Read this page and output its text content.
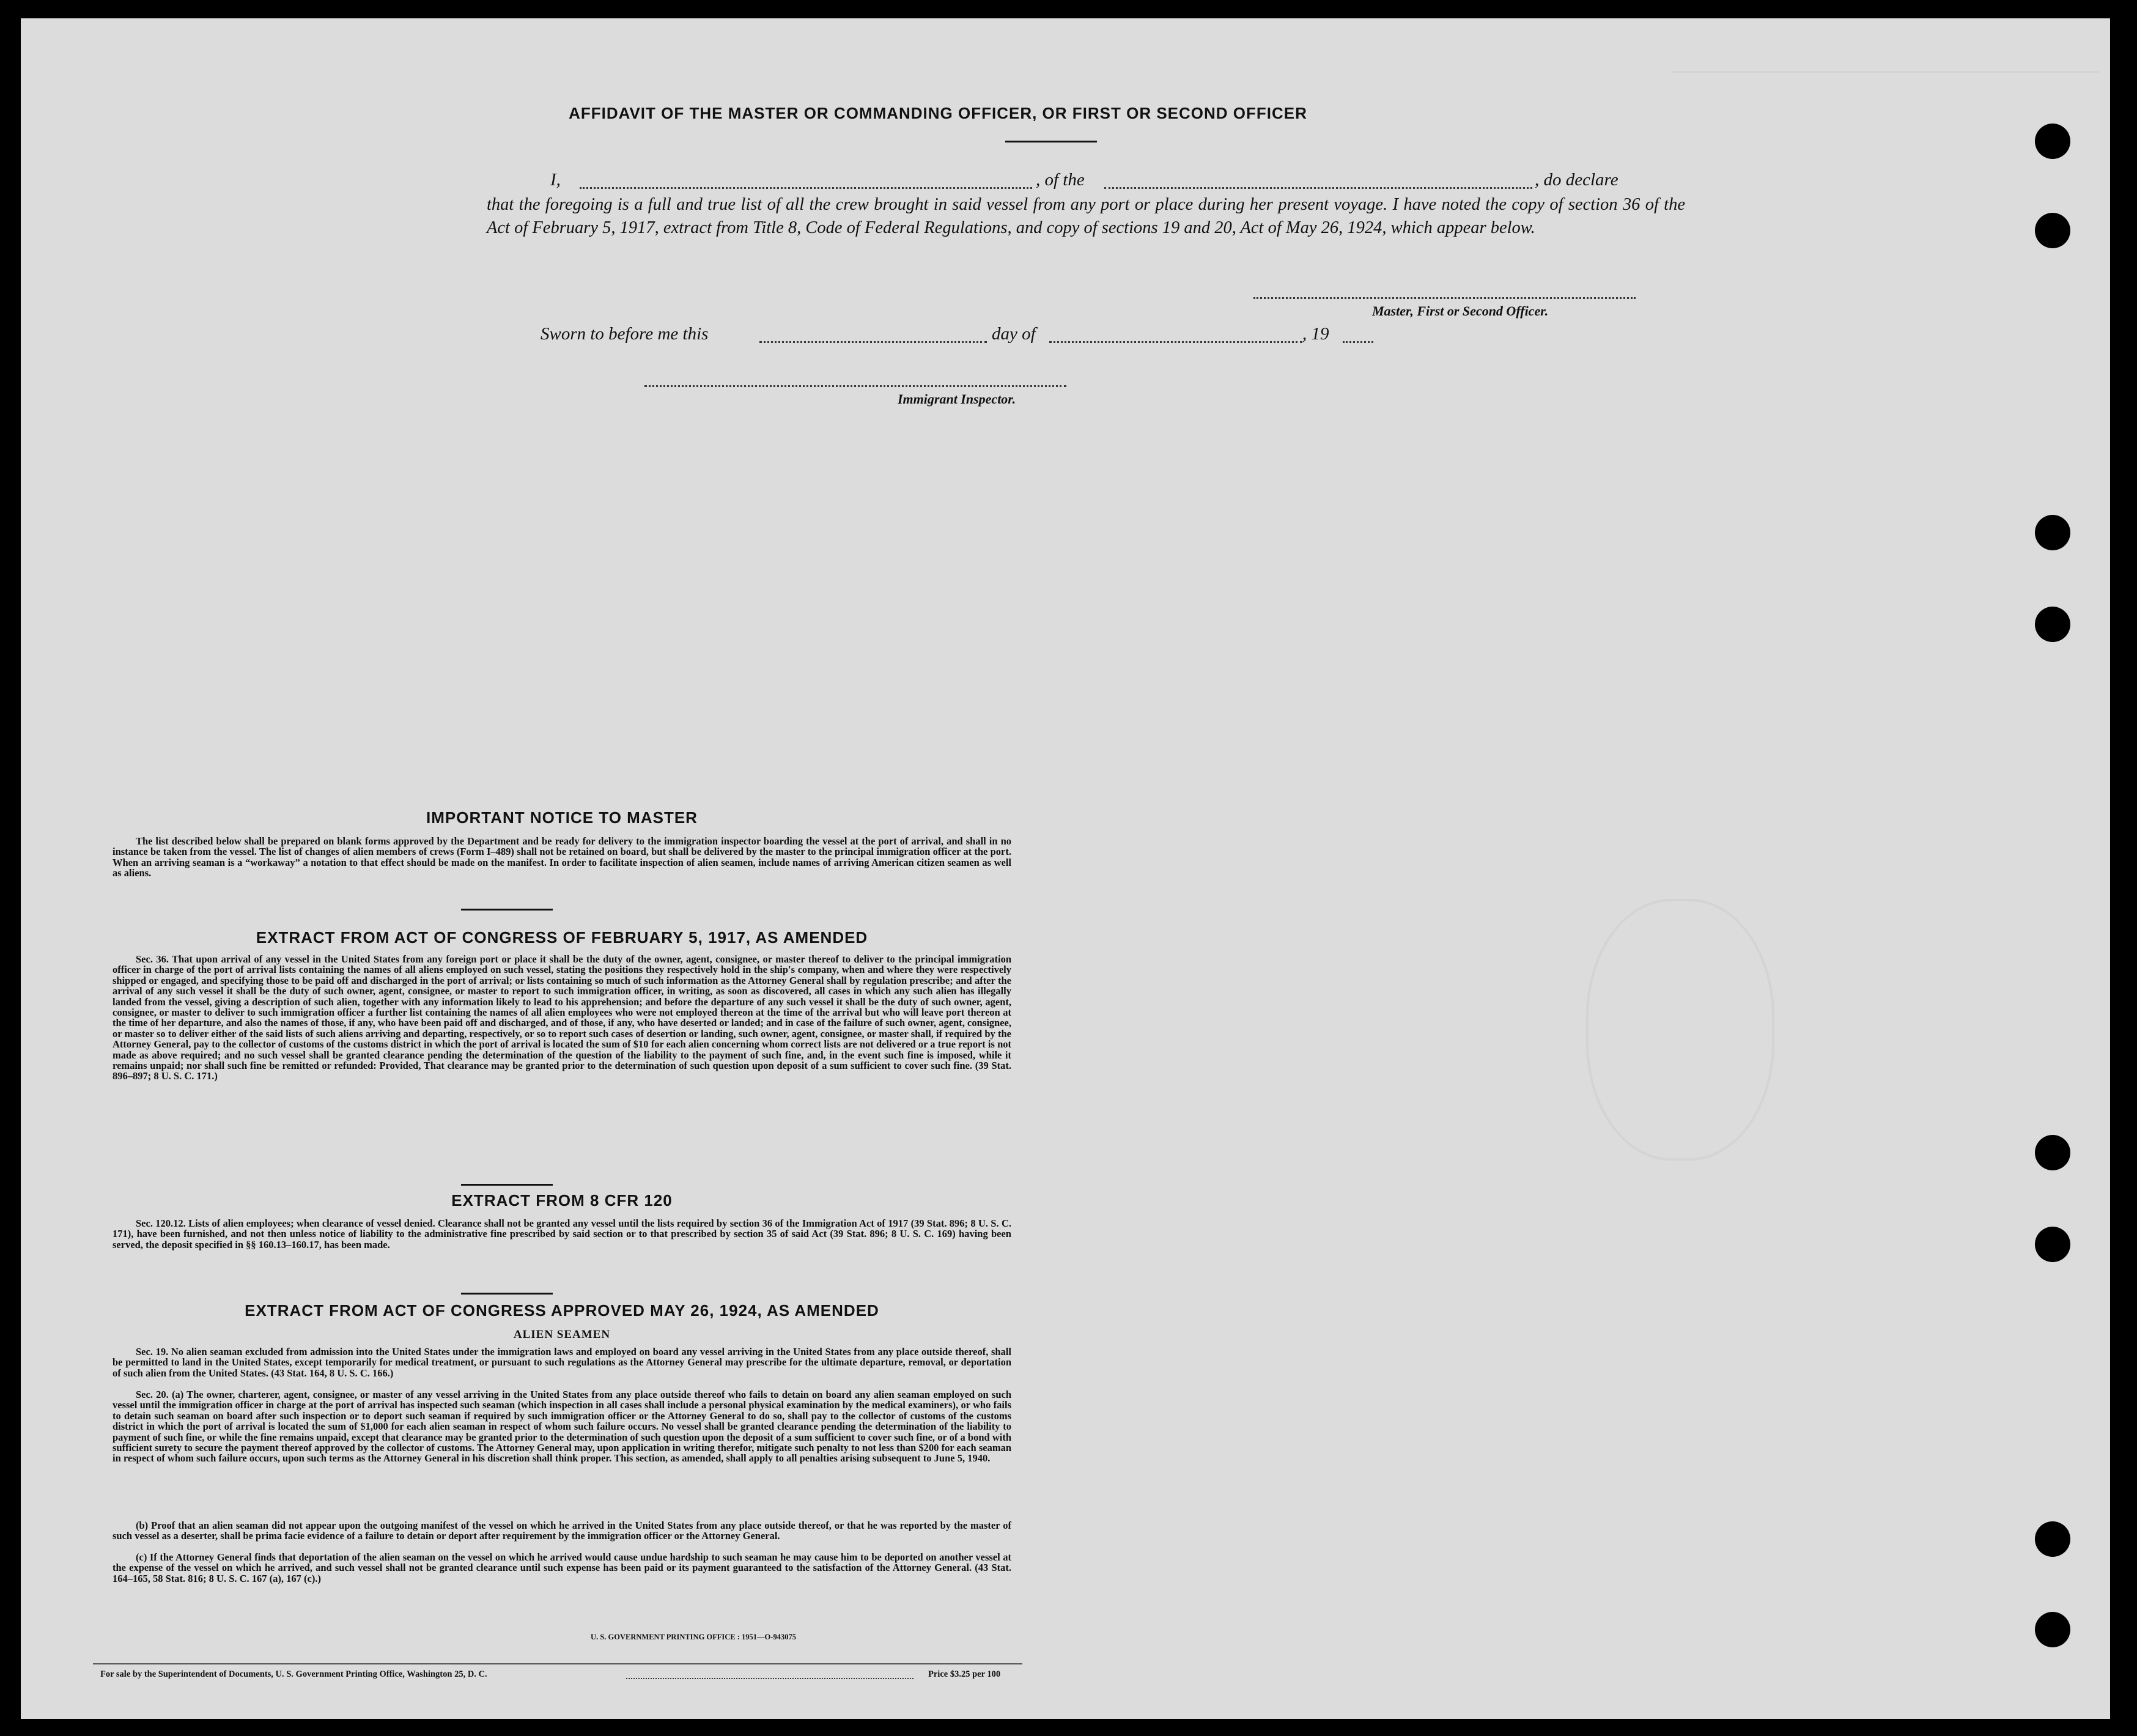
AFFIDAVIT OF THE MASTER OR COMMANDING OFFICER, OR FIRST OR SECOND OFFICER
I,	, of the	, do declare
that the foregoing is a full and true list of all the crew brought in said vessel from any port or place during her present voyage. I have noted the copy of section 36 of the Act of February 5, 1917, extract from Title 8, Code of Federal Regulations, and copy of sections 19 and 20, Act of May 26, 1924, which appear below.
Master, First or Second Officer.
Sworn to before me this	day of	, 19
Immigrant Inspector.
IMPORTANT NOTICE TO MASTER
The list described below shall be prepared on blank forms approved by the Department and be ready for delivery to the immigration inspector boarding the vessel at the port of arrival, and shall in no instance be taken from the vessel. The list of changes of alien members of crews (Form I–489) shall not be retained on board, but shall be delivered by the master to the principal immigration officer at the port. When an arriving seaman is a “workaway” a notation to that effect should be made on the manifest. In order to facilitate inspection of alien seamen, include names of arriving American citizen seamen as well as aliens.
EXTRACT FROM ACT OF CONGRESS OF FEBRUARY 5, 1917, AS AMENDED
Sec. 36. That upon arrival of any vessel in the United States from any foreign port or place it shall be the duty of the owner, agent, consignee, or master thereof to deliver to the principal immigration officer in charge of the port of arrival lists containing the names of all aliens employed on such vessel, stating the positions they respectively hold in the ship's company, when and where they were respectively shipped or engaged, and specifying those to be paid off and discharged in the port of arrival; or lists containing so much of such information as the Attorney General shall by regulation prescribe; and after the arrival of any such vessel it shall be the duty of such owner, agent, consignee, or master to report to such immigration officer, in writing, as soon as discovered, all cases in which any such alien has illegally landed from the vessel, giving a description of such alien, together with any information likely to lead to his apprehension; and before the departure of any such vessel it shall be the duty of such owner, agent, consignee, or master to deliver to such immigration officer a further list containing the names of all alien employees who were not employed thereon at the time of the arrival but who will leave port thereon at the time of her departure, and also the names of those, if any, who have been paid off and discharged, and of those, if any, who have deserted or landed; and in case of the failure of such owner, agent, consignee, or master so to deliver either of the said lists of such aliens arriving and departing, respectively, or so to report such cases of desertion or landing, such owner, agent, consignee, or master shall, if required by the Attorney General, pay to the collector of customs of the customs district in which the port of arrival is located the sum of $10 for each alien concerning whom correct lists are not delivered or a true report is not made as above required; and no such vessel shall be granted clearance pending the determination of the question of the liability to the payment of such fine, and, in the event such fine is imposed, while it remains unpaid; nor shall such fine be remitted or refunded: Provided, That clearance may be granted prior to the determination of such question upon deposit of a sum sufficient to cover such fine. (39 Stat. 896–897; 8 U. S. C. 171.)
EXTRACT FROM 8 CFR 120
Sec. 120.12. Lists of alien employees; when clearance of vessel denied. Clearance shall not be granted any vessel until the lists required by section 36 of the Immigration Act of 1917 (39 Stat. 896; 8 U. S. C. 171), have been furnished, and not then unless notice of liability to the administrative fine prescribed by said section or to that prescribed by section 35 of said Act (39 Stat. 896; 8 U. S. C. 169) having been served, the deposit specified in §§ 160.13–160.17, has been made.
EXTRACT FROM ACT OF CONGRESS APPROVED MAY 26, 1924, AS AMENDED
ALIEN SEAMEN
Sec. 19. No alien seaman excluded from admission into the United States under the immigration laws and employed on board any vessel arriving in the United States from any place outside thereof, shall be permitted to land in the United States, except temporarily for medical treatment, or pursuant to such regulations as the Attorney General may prescribe for the ultimate departure, removal, or deportation of such alien from the United States. (43 Stat. 164, 8 U. S. C. 166.)
Sec. 20. (a) The owner, charterer, agent, consignee, or master of any vessel arriving in the United States from any place outside thereof who fails to detain on board any alien seaman employed on such vessel until the immigration officer in charge at the port of arrival has inspected such seaman (which inspection in all cases shall include a personal physical examination by the medical examiners), or who fails to detain such seaman on board after such inspection or to deport such seaman if required by such immigration officer or the Attorney General to do so, shall pay to the collector of customs of the customs district in which the port of arrival is located the sum of $1,000 for each alien seaman in respect of whom such failure occurs. No vessel shall be granted clearance pending the determination of the liability to payment of such fine, or while the fine remains unpaid, except that clearance may be granted prior to the determination of such question upon the deposit of a sum sufficient to cover such fine, or of a bond with sufficient surety to secure the payment thereof approved by the collector of customs. The Attorney General may, upon application in writing therefor, mitigate such penalty to not less than $200 for each seaman in respect of whom such failure occurs, upon such terms as the Attorney General in his discretion shall think proper. This section, as amended, shall apply to all penalties arising subsequent to June 5, 1940.
(b) Proof that an alien seaman did not appear upon the outgoing manifest of the vessel on which he arrived in the United States from any place outside thereof, or that he was reported by the master of such vessel as a deserter, shall be prima facie evidence of a failure to detain or deport after requirement by the immigration officer or the Attorney General.
(c) If the Attorney General finds that deportation of the alien seaman on the vessel on which he arrived would cause undue hardship to such seaman he may cause him to be deported on another vessel at the expense of the vessel on which he arrived, and such vessel shall not be granted clearance until such expense has been paid or its payment guaranteed to the satisfaction of the Attorney General. (43 Stat. 164–165, 58 Stat. 816; 8 U. S. C. 167 (a), 167 (c).)
U. S. GOVERNMENT PRINTING OFFICE : 1951—O-943075
For sale by the Superintendent of Documents, U. S. Government Printing Office, Washington 25, D. C.	Price $3.25 per 100
